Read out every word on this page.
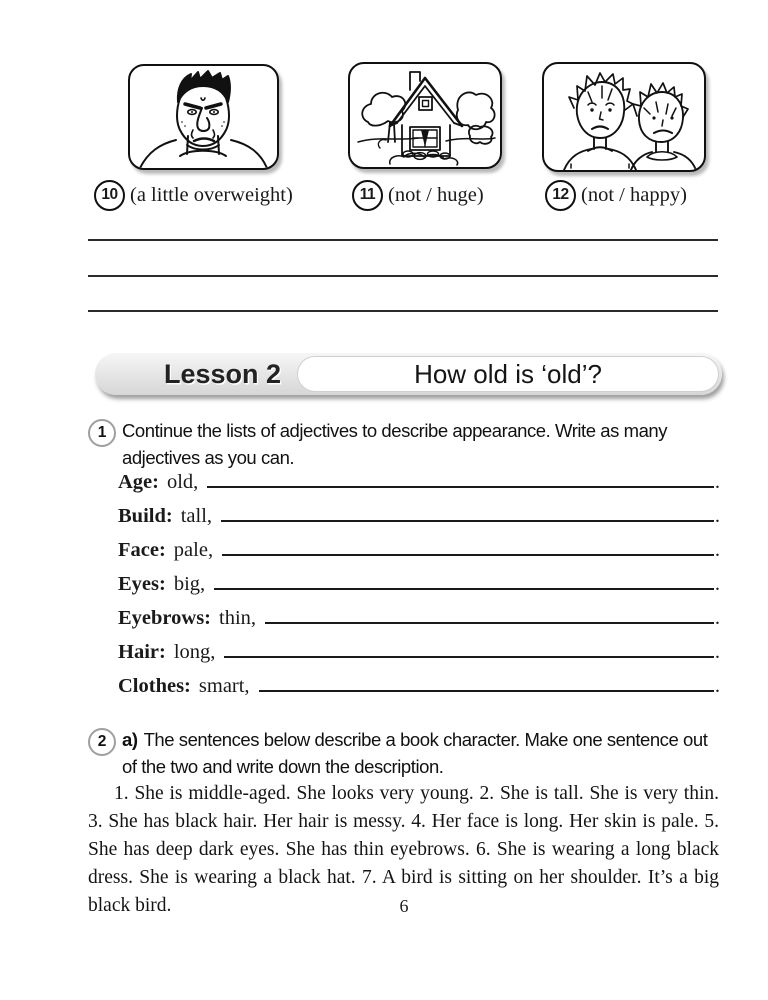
10 (a little overweight)	11 (not / huge)	12 (not / happy)
Lesson 2	How old is ‘old’?
1 Continue the lists of adjectives to describe appearance. Write as many adjectives as you can.
Age: old,	.
Build: tall,	.
Face: pale,	.
Eyes: big,	.
Eyebrows: thin,	.
Hair: long,	.
Clothes: smart,	.
2 a) The sentences below describe a book character. Make one sentence out of the two and write down the description.
1. She is middle-aged. She looks very young. 2. She is tall. She is very thin. 3. She has black hair. Her hair is messy. 4. Her face is long. Her skin is pale. 5. She has deep dark eyes. She has thin eyebrows. 6. She is wearing a long black dress. She is wearing a black hat. 7. A bird is sitting on her shoulder. It’s a big black bird.	6
